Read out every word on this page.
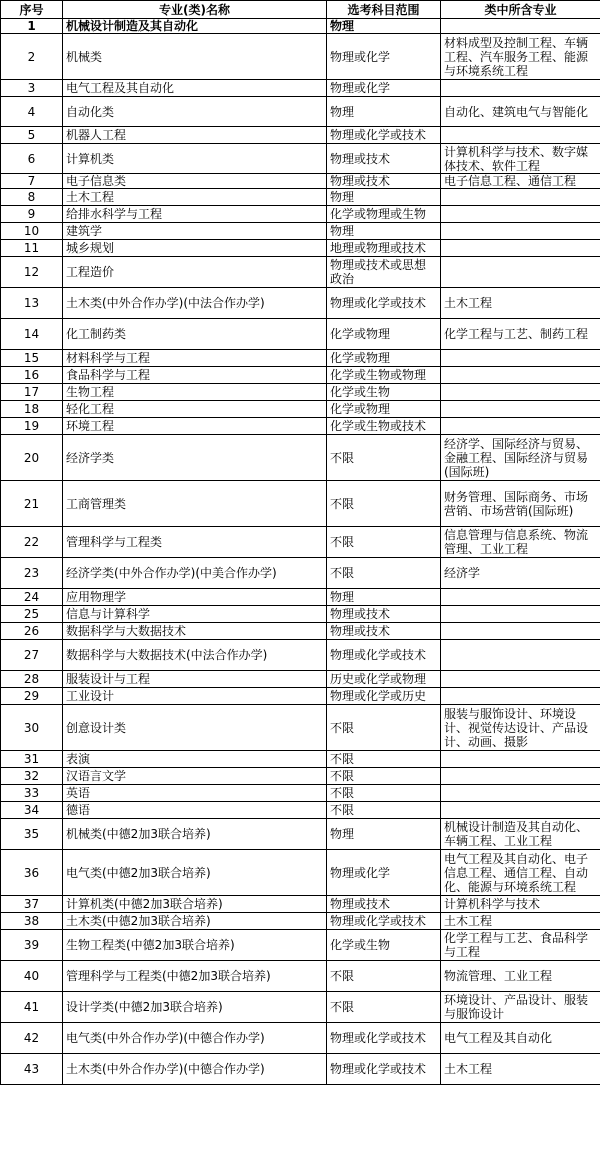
序号	专业(类)名称	选考科目范围	类中所含专业
1	机械设计制造及其自动化	物理	
2	机械类	物理或化学	材料成型及控制工程、车辆工程、汽车服务工程、能源与环境系统工程
3	电气工程及其自动化	物理或化学	
4	自动化类	物理	自动化、建筑电气与智能化
5	机器人工程	物理或化学或技术	
6	计算机类	物理或技术	计算机科学与技术、数字媒体技术、软件工程
7	电子信息类	物理或技术	电子信息工程、通信工程
8	土木工程	物理	
9	给排水科学与工程	化学或物理或生物	
10	建筑学	物理	
11	城乡规划	地理或物理或技术	
12	工程造价	物理或技术或思想政治	
13	土木类(中外合作办学)(中法合作办学)	物理或化学或技术	土木工程
14	化工制药类	化学或物理	化学工程与工艺、制药工程
15	材料科学与工程	化学或物理	
16	食品科学与工程	化学或生物或物理	
17	生物工程	化学或生物	
18	轻化工程	化学或物理	
19	环境工程	化学或生物或技术	
20	经济学类	不限	经济学、国际经济与贸易、金融工程、国际经济与贸易(国际班)
21	工商管理类	不限	财务管理、国际商务、市场营销、市场营销(国际班)
22	管理科学与工程类	不限	信息管理与信息系统、物流管理、工业工程
23	经济学类(中外合作办学)(中美合作办学)	不限	经济学
24	应用物理学	物理	
25	信息与计算科学	物理或技术	
26	数据科学与大数据技术	物理或技术	
27	数据科学与大数据技术(中法合作办学)	物理或化学或技术	
28	服装设计与工程	历史或化学或物理	
29	工业设计	物理或化学或历史	
30	创意设计类	不限	服装与服饰设计、环境设计、视觉传达设计、产品设计、动画、摄影
31	表演	不限	
32	汉语言文学	不限	
33	英语	不限	
34	德语	不限	
35	机械类(中德2加3联合培养)	物理	机械设计制造及其自动化、车辆工程、工业工程
36	电气类(中德2加3联合培养)	物理或化学	电气工程及其自动化、电子信息工程、通信工程、自动化、能源与环境系统工程
37	计算机类(中德2加3联合培养)	物理或技术	计算机科学与技术
38	土木类(中德2加3联合培养)	物理或化学或技术	土木工程
39	生物工程类(中德2加3联合培养)	化学或生物	化学工程与工艺、食品科学与工程
40	管理科学与工程类(中德2加3联合培养)	不限	物流管理、工业工程
41	设计学类(中德2加3联合培养)	不限	环境设计、产品设计、服装与服饰设计
42	电气类(中外合作办学)(中德合作办学)	物理或化学或技术	电气工程及其自动化
43	土木类(中外合作办学)(中德合作办学)	物理或化学或技术	土木工程
